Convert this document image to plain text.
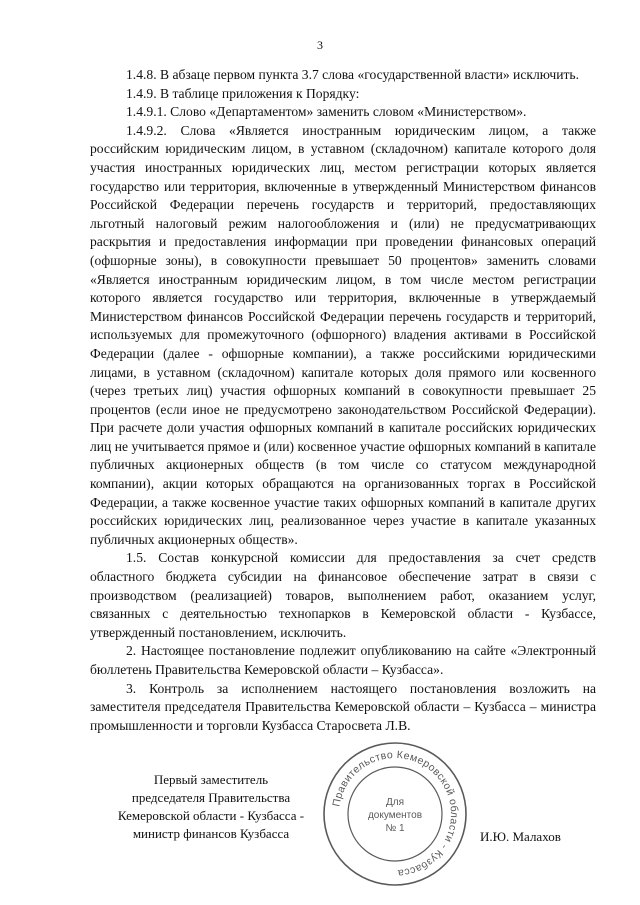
3

1.4.8. В абзаце первом пункта 3.7 слова «государственной власти» исключить.

1.4.9. В таблице приложения к Порядку:

1.4.9.1. Слово «Департаментом» заменить словом «Министерством».

1.4.9.2. Слова «Является иностранным юридическим лицом, а также российским юридическим лицом, в уставном (складочном) капитале которого доля участия иностранных юридических лиц, местом регистрации которых является государство или территория, включенные в утвержденный Министерством финансов Российской Федерации перечень государств и территорий, предоставляющих льготный налоговый режим налогообложения и (или) не предусматривающих раскрытия и предоставления информации при проведении финансовых операций (офшорные зоны), в совокупности превышает 50 процентов» заменить словами «Является иностранным юридическим лицом, в том числе местом регистрации которого является государство или территория, включенные в утверждаемый Министерством финансов Российской Федерации перечень государств и территорий, используемых для промежуточного (офшорного) владения активами в Российской Федерации (далее - офшорные компании), а также российскими юридическими лицами, в уставном (складочном) капитале которых доля прямого или косвенного (через третьих лиц) участия офшорных компаний в совокупности превышает 25 процентов (если иное не предусмотрено законодательством Российской Федерации). При расчете доли участия офшорных компаний в капитале российских юридических лиц не учитывается прямое и (или) косвенное участие офшорных компаний в капитале публичных акционерных обществ (в том числе со статусом международной компании), акции которых обращаются на организованных торгах в Российской Федерации, а также косвенное участие таких офшорных компаний в капитале других российских юридических лиц, реализованное через участие в капитале указанных публичных акционерных обществ».

1.5. Состав конкурсной комиссии для предоставления за счет средств областного бюджета субсидии на финансовое обеспечение затрат в связи с производством (реализацией) товаров, выполнением работ, оказанием услуг, связанных с деятельностью технопарков в Кемеровской области - Кузбассе, утвержденный постановлением, исключить.

2. Настоящее постановление подлежит опубликованию на сайте «Электронный бюллетень Правительства Кемеровской области – Кузбасса».

3. Контроль за исполнением настоящего постановления возложить на заместителя председателя Правительства Кемеровской области – Кузбасса – министра промышленности и торговли Кузбасса Старосвета Л.В.

Первый заместитель
председателя Правительства
Кемеровской области - Кузбасса -
министр финансов Кузбасса
Правительство Кемеровской области - Кузбасса
Для
документов
№ 1
И.Ю. Малахов
